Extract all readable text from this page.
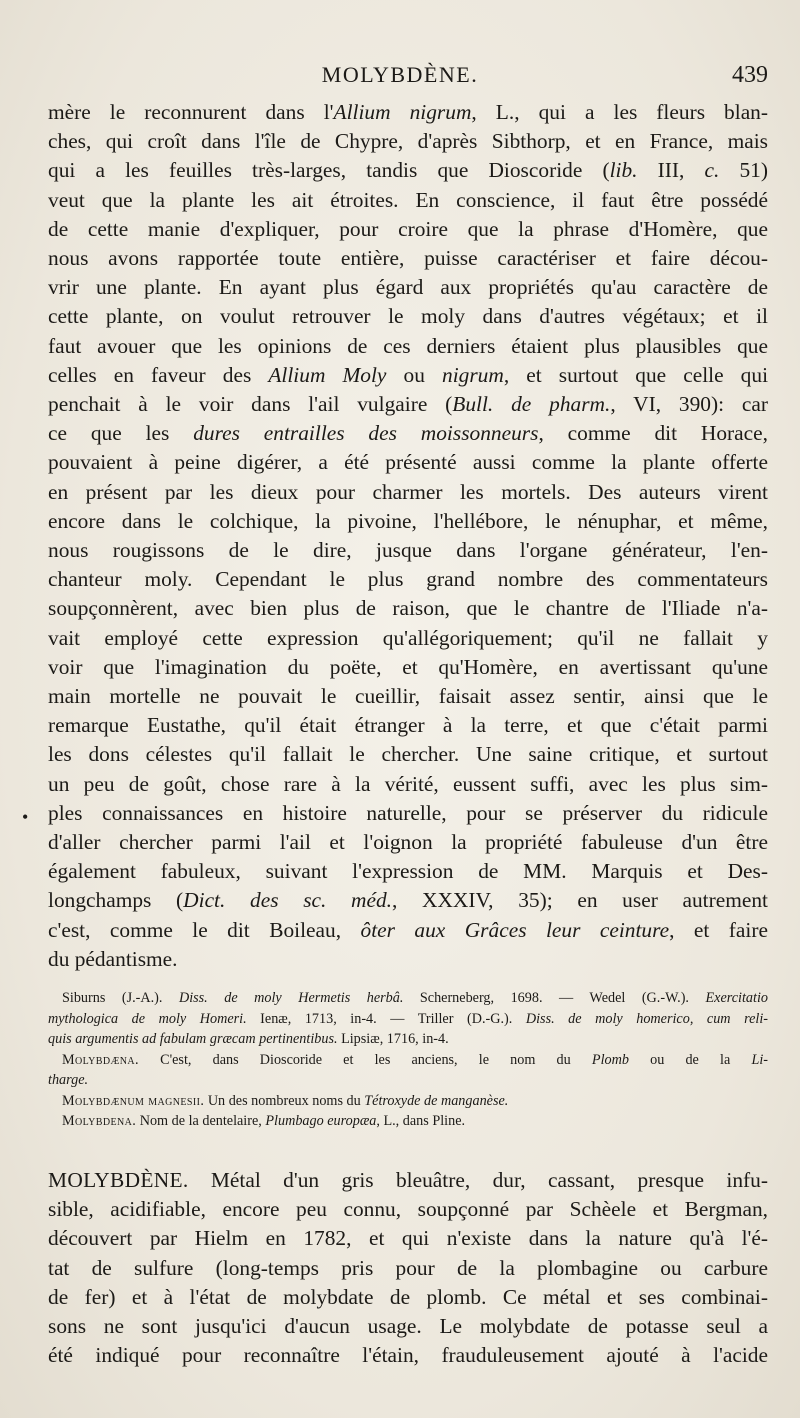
MOLYBDÈNE.	439
•
mère le reconnurent dans l'Allium nigrum, L., qui a les fleurs blan-
ches, qui croît dans l'île de Chypre, d'après Sibthorp, et en France, mais
qui a les feuilles très-larges, tandis que Dioscoride (lib. III, c. 51)
veut que la plante les ait étroites. En conscience, il faut être possédé
de cette manie d'expliquer, pour croire que la phrase d'Homère, que
nous avons rapportée toute entière, puisse caractériser et faire décou-
vrir une plante. En ayant plus égard aux propriétés qu'au caractère de
cette plante, on voulut retrouver le moly dans d'autres végétaux; et il
faut avouer que les opinions de ces derniers étaient plus plausibles que
celles en faveur des Allium Moly ou nigrum, et surtout que celle qui
penchait à le voir dans l'ail vulgaire (Bull. de pharm., VI, 390): car
ce que les dures entrailles des moissonneurs, comme dit Horace,
pouvaient à peine digérer, a été présenté aussi comme la plante offerte
en présent par les dieux pour charmer les mortels. Des auteurs virent
encore dans le colchique, la pivoine, l'hellébore, le nénuphar, et même,
nous rougissons de le dire, jusque dans l'organe générateur, l'en-
chanteur moly. Cependant le plus grand nombre des commentateurs
soupçonnèrent, avec bien plus de raison, que le chantre de l'Iliade n'a-
vait employé cette expression qu'allégoriquement; qu'il ne fallait y
voir que l'imagination du poëte, et qu'Homère, en avertissant qu'une
main mortelle ne pouvait le cueillir, faisait assez sentir, ainsi que le
remarque Eustathe, qu'il était étranger à la terre, et que c'était parmi
les dons célestes qu'il fallait le chercher. Une saine critique, et surtout
un peu de goût, chose rare à la vérité, eussent suffi, avec les plus sim-
ples connaissances en histoire naturelle, pour se préserver du ridicule
d'aller chercher parmi l'ail et l'oignon la propriété fabuleuse d'un être
également fabuleux, suivant l'expression de MM. Marquis et Des-
longchamps (Dict. des sc. méd., XXXIV, 35); en user autrement
c'est, comme le dit Boileau, ôter aux Grâces leur ceinture, et faire
du pédantisme.
Siburns (J.-A.). Diss. de moly Hermetis herbâ. Scherneberg, 1698. — Wedel (G.-W.). Exercitatio
mythologica de moly Homeri. Ienæ, 1713, in-4. — Triller (D.-G.). Diss. de moly homerico, cum reli-
quis argumentis ad fabulam græcam pertinentibus. Lipsiæ, 1716, in-4.
Molybdæna. C'est, dans Dioscoride et les anciens, le nom du Plomb ou de la Li-
tharge.
Molybdænum magnesii. Un des nombreux noms du Tétroxyde de manganèse.
Molybdena. Nom de la dentelaire, Plumbago europæa, L., dans Pline.
MOLYBDÈNE. Métal d'un gris bleuâtre, dur, cassant, presque infu-
sible, acidifiable, encore peu connu, soupçonné par Schèele et Bergman,
découvert par Hielm en 1782, et qui n'existe dans la nature qu'à l'é-
tat de sulfure (long-temps pris pour de la plombagine ou carbure
de fer) et à l'état de molybdate de plomb. Ce métal et ses combinai-
sons ne sont jusqu'ici d'aucun usage. Le molybdate de potasse seul a
été indiqué pour reconnaître l'étain, frauduleusement ajouté à l'acide
